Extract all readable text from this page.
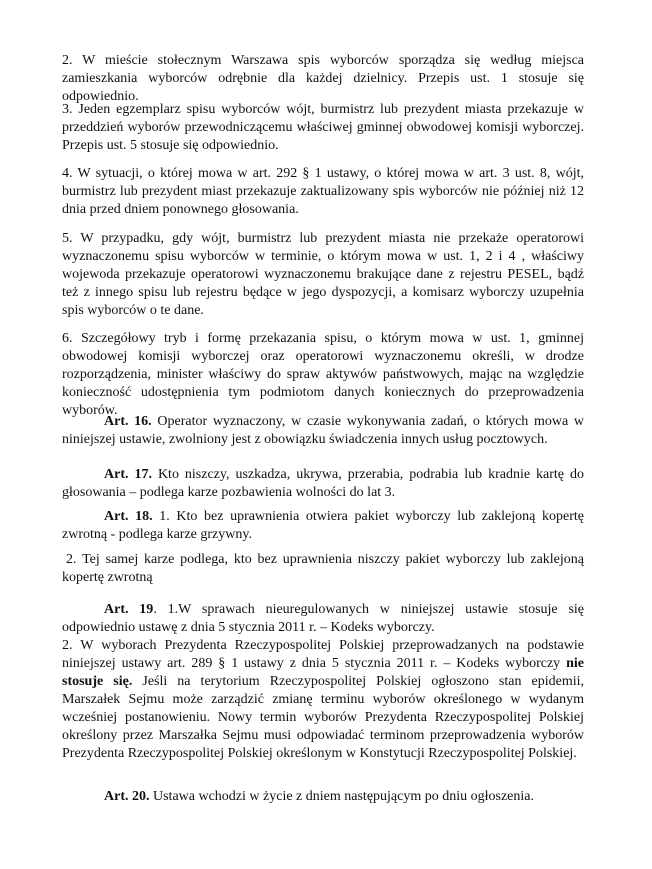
2. W mieście stołecznym Warszawa spis wyborców sporządza się według miejsca zamieszkania wyborców odrębnie dla każdej dzielnicy. Przepis ust. 1 stosuje się odpowiednio.

3. Jeden egzemplarz spisu wyborców wójt, burmistrz lub prezydent miasta przekazuje w przeddzień wyborów przewodniczącemu właściwej gminnej obwodowej komisji wyborczej. Przepis ust. 5 stosuje się odpowiednio.

4. W sytuacji, o której mowa w art. 292 § 1 ustawy, o której mowa w art. 3 ust. 8, wójt, burmistrz lub prezydent miast przekazuje zaktualizowany spis wyborców nie później niż 12 dnia przed dniem ponownego głosowania.

5. W przypadku, gdy wójt, burmistrz lub prezydent miasta nie przekaże operatorowi wyznaczonemu spisu wyborców w terminie, o którym mowa w ust. 1, 2 i 4 , właściwy wojewoda przekazuje operatorowi wyznaczonemu brakujące dane z rejestru PESEL, bądź też z innego spisu lub rejestru będące w jego dyspozycji, a komisarz wyborczy uzupełnia spis wyborców o te dane.

6. Szczegółowy tryb i formę przekazania spisu, o którym mowa w ust. 1, gminnej obwodowej komisji wyborczej oraz operatorowi wyznaczonemu określi, w drodze rozporządzenia, minister właściwy do spraw aktywów państwowych, mając na względzie konieczność udostępnienia tym podmiotom danych koniecznych do przeprowadzenia wyborów.

Art. 16. Operator wyznaczony, w czasie wykonywania zadań, o których mowa w niniejszej ustawie, zwolniony jest z obowiązku świadczenia innych usług pocztowych.

Art. 17. Kto niszczy, uszkadza, ukrywa, przerabia, podrabia lub kradnie kartę do głosowania – podlega karze pozbawienia wolności do lat 3.

Art. 18. 1. Kto bez uprawnienia otwiera pakiet wyborczy lub zaklejoną kopertę zwrotną - podlega karze grzywny.

2. Tej samej karze podlega, kto bez uprawnienia niszczy pakiet wyborczy lub zaklejoną kopertę zwrotną

Art. 19. 1.W sprawach nieuregulowanych w niniejszej ustawie stosuje się odpowiednio ustawę z dnia 5 stycznia 2011 r. – Kodeks wyborczy.

2. W wyborach Prezydenta Rzeczypospolitej Polskiej przeprowadzanych na podstawie niniejszej ustawy art. 289 § 1 ustawy z dnia 5 stycznia 2011 r. – Kodeks wyborczy nie stosuje się. Jeśli na terytorium Rzeczypospolitej Polskiej ogłoszono stan epidemii, Marszałek Sejmu może zarządzić zmianę terminu wyborów określonego w wydanym wcześniej postanowieniu. Nowy termin wyborów Prezydenta Rzeczypospolitej Polskiej określony przez Marszałka Sejmu musi odpowiadać terminom przeprowadzenia wyborów Prezydenta Rzeczypospolitej Polskiej określonym w Konstytucji Rzeczypospolitej Polskiej.

Art. 20. Ustawa wchodzi w życie z dniem następującym po dniu ogłoszenia.
